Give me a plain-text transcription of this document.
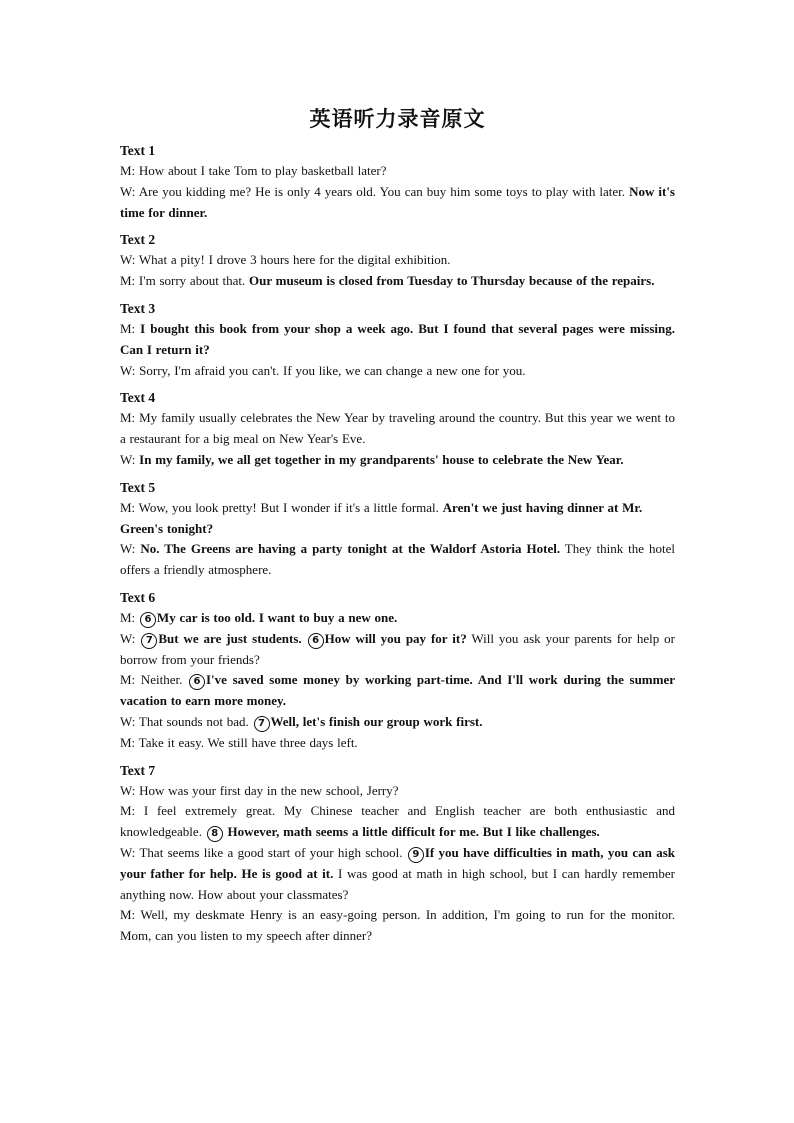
英语听力录音原文
Text 1

M: How about I take Tom to play basketball later?

W: Are you kidding me? He is only 4 years old. You can buy him some toys to play with later. Now it's time for dinner.

Text 2

W: What a pity! I drove 3 hours here for the digital exhibition.

M: I'm sorry about that. Our museum is closed from Tuesday to Thursday because of the repairs.

Text 3

M: I bought this book from your shop a week ago. But I found that several pages were missing. Can I return it?

W: Sorry, I'm afraid you can't. If you like, we can change a new one for you.

Text 4

M: My family usually celebrates the New Year by traveling around the country. But this year we went to a restaurant for a big meal on New Year's Eve.

W: In my family, we all get together in my grandparents' house to celebrate the New Year.

Text 5

M: Wow, you look pretty! But I wonder if it's a little formal. Aren't we just having dinner at Mr.

Green's tonight?

W: No. The Greens are having a party tonight at the Waldorf Astoria Hotel. They think the hotel offers a friendly atmosphere.

Text 6

M: 6 My car is too old. I want to buy a new one.

W: 7 But we are just students. 6 How will you pay for it? Will you ask your parents for help or borrow from your friends?

M: Neither. 6 I've saved some money by working part-time. And I'll work during the summer vacation to earn more money.

W: That sounds not bad. 7 Well, let's finish our group work first.

M: Take it easy. We still have three days left.

Text 7

W: How was your first day in the new school, Jerry?

M: I feel extremely great. My Chinese teacher and English teacher are both enthusiastic and knowledgeable. 8 However, math seems a little difficult for me. But I like challenges.

W: That seems like a good start of your high school. 9 If you have difficulties in math, you can ask your father for help. He is good at it. I was good at math in high school, but I can hardly remember anything now. How about your classmates?

M: Well, my deskmate Henry is an easy-going person. In addition, I'm going to run for the monitor. Mom, can you listen to my speech after dinner?
